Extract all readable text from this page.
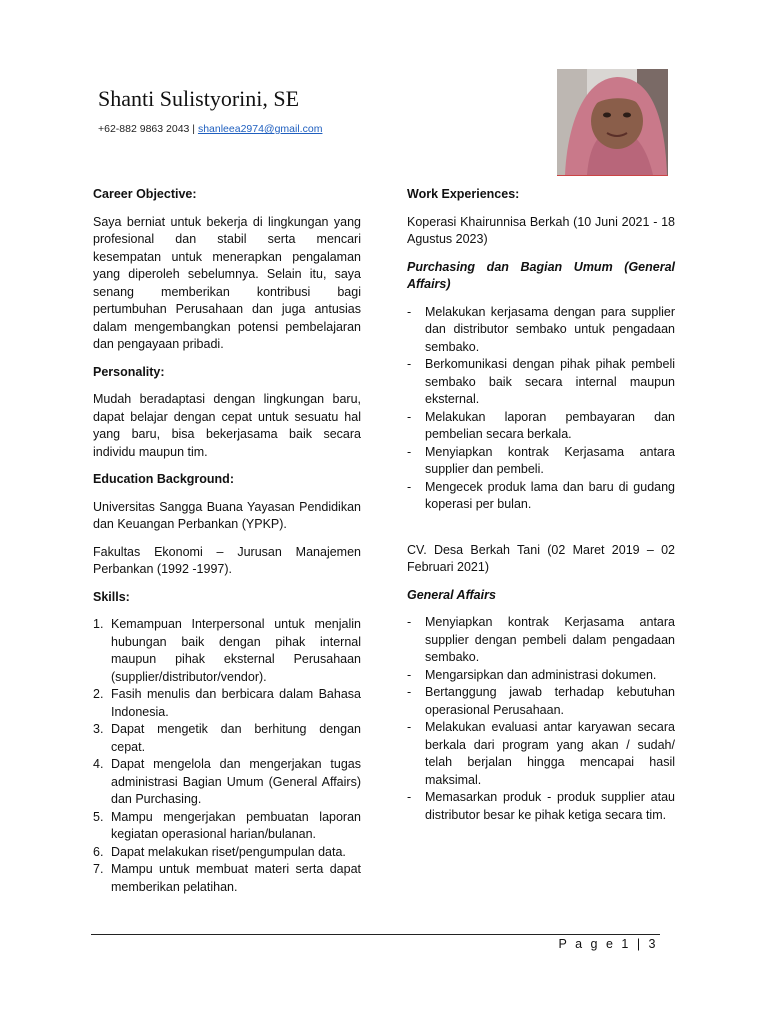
Shanti Sulistyorini, SE
+62-882 9863 2043 | shanleea2974@gmail.com
Career Objective:
Saya berniat untuk bekerja di lingkungan yang profesional dan stabil serta mencari kesempatan untuk menerapkan pengalaman yang diperoleh sebelumnya. Selain itu, saya senang memberikan kontribusi bagi pertumbuhan Perusahaan dan juga antusias dalam mengembangkan potensi pembelajaran dan pengayaan pribadi.
Personality:
Mudah beradaptasi dengan lingkungan baru, dapat belajar dengan cepat untuk sesuatu hal yang baru, bisa bekerjasama baik secara individu maupun tim.
Education Background:
Universitas Sangga Buana Yayasan Pendidikan dan Keuangan Perbankan (YPKP).
Fakultas Ekonomi – Jurusan Manajemen Perbankan (1992 -1997).
Skills:
1. Kemampuan Interpersonal untuk menjalin hubungan baik dengan pihak internal maupun pihak eksternal Perusahaan (supplier/distributor/vendor).
2. Fasih menulis dan berbicara dalam Bahasa Indonesia.
3. Dapat mengetik dan berhitung dengan cepat.
4. Dapat mengelola dan mengerjakan tugas administrasi Bagian Umum (General Affairs) dan Purchasing.
5. Mampu mengerjakan pembuatan laporan kegiatan operasional harian/bulanan.
6. Dapat melakukan riset/pengumpulan data.
7. Mampu untuk membuat materi serta dapat memberikan pelatihan.
Work Experiences:
Koperasi Khairunnisa Berkah (10 Juni 2021 - 18 Agustus 2023)
Purchasing dan Bagian Umum (General Affairs)
-	Melakukan kerjasama dengan para supplier dan distributor sembako untuk pengadaan sembako.
-	Berkomunikasi dengan pihak pihak pembeli sembako baik secara internal maupun eksternal.
-	Melakukan laporan pembayaran dan pembelian secara berkala.
-	Menyiapkan kontrak Kerjasama antara supplier dan pembeli.
-	Mengecek produk lama dan baru di gudang koperasi per bulan.
CV. Desa Berkah Tani (02 Maret 2019 – 02 Februari 2021)
General Affairs
-	Menyiapkan kontrak Kerjasama antara supplier dengan pembeli dalam pengadaan sembako.
-	Mengarsipkan dan administrasi dokumen.
-	Bertanggung jawab terhadap kebutuhan operasional Perusahaan.
-	Melakukan evaluasi antar karyawan secara berkala dari program yang akan / sudah/ telah berjalan hingga mencapai hasil maksimal.
-	Memasarkan produk - produk supplier atau distributor besar ke pihak ketiga secara tim.
P a g e 1 | 3
